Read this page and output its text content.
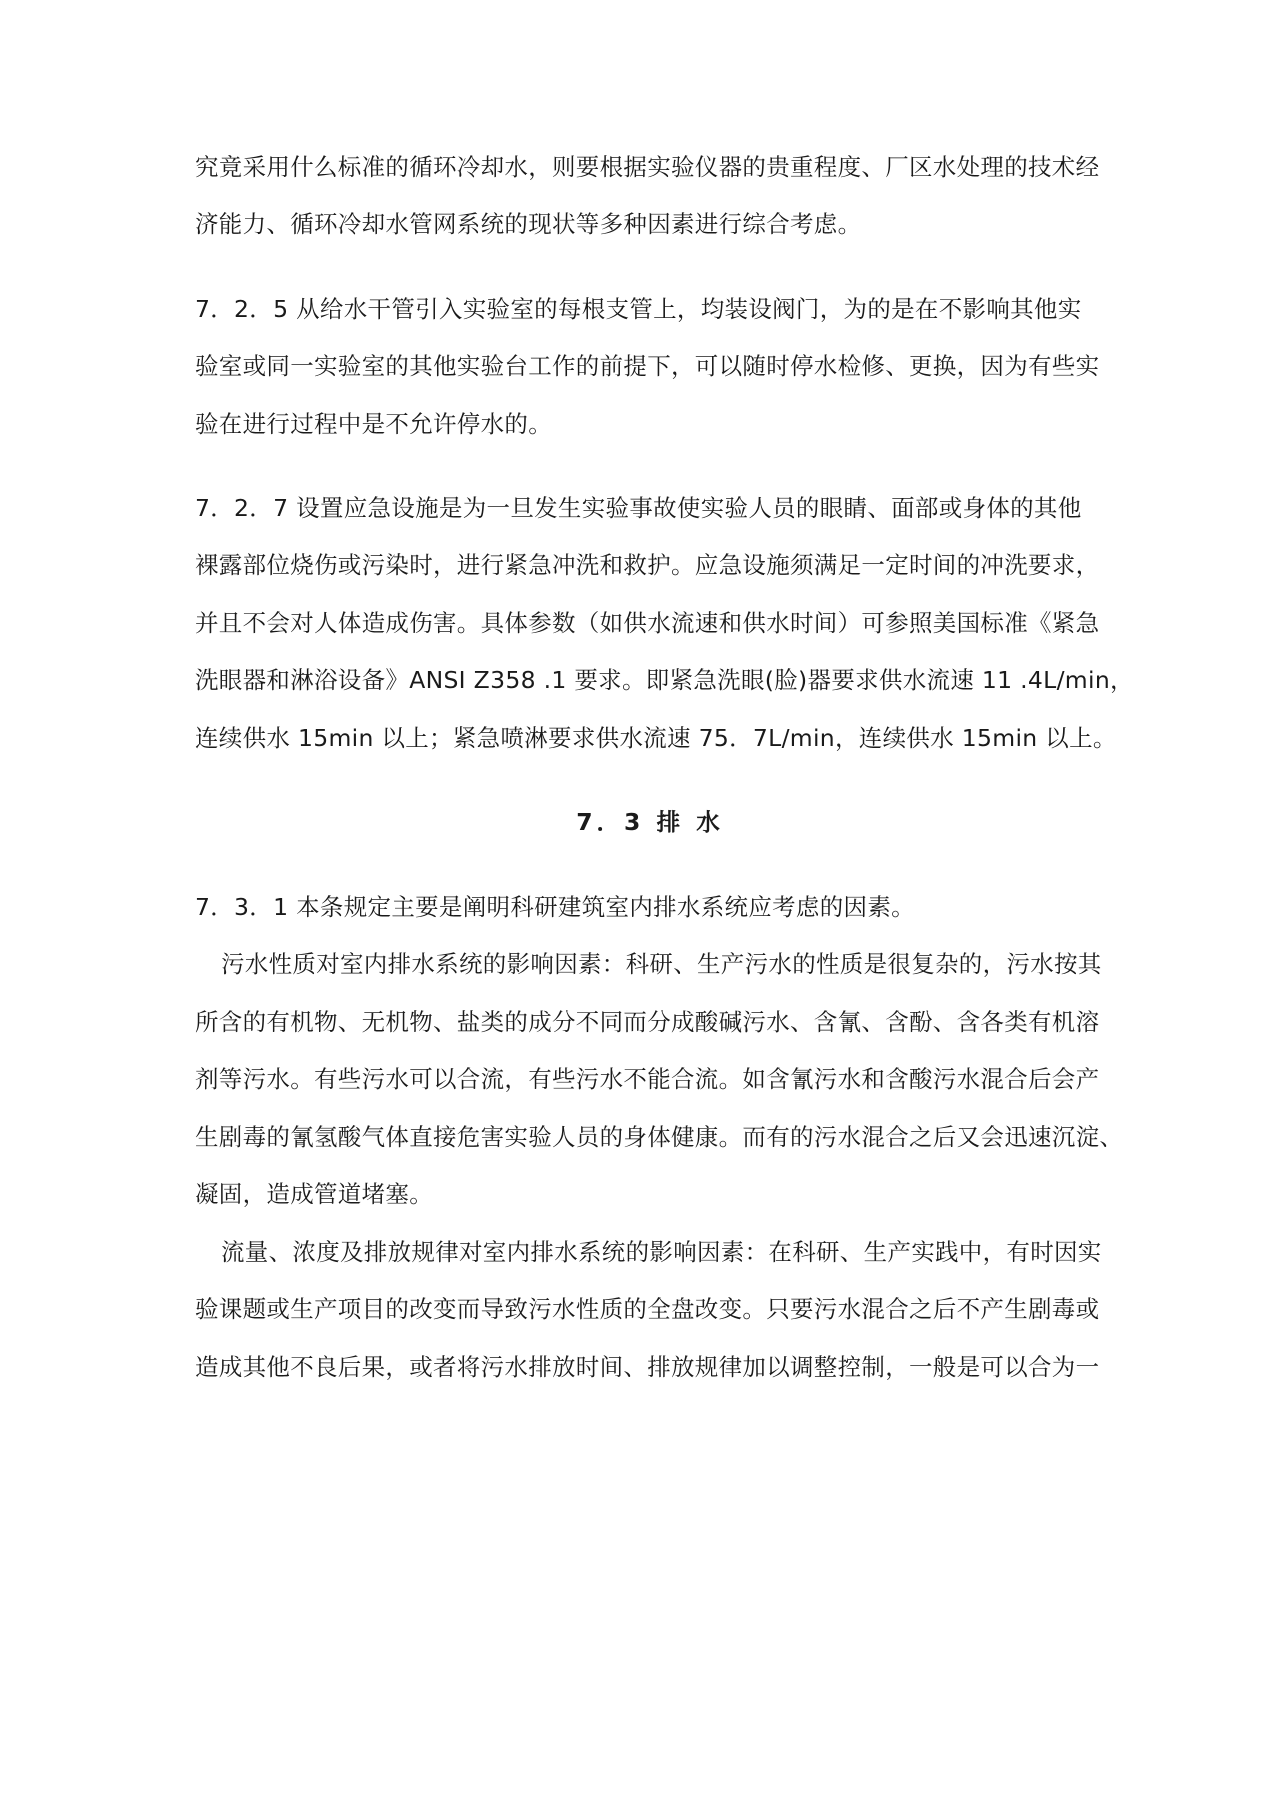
究竟采用什么标准的循环冷却水，则要根据实验仪器的贵重程度、厂区水处理的技术经
济能力、循环冷却水管网系统的现状等多种因素进行综合考虑。
7．2．5 从给水干管引入实验室的每根支管上，均装设阀门，为的是在不影响其他实
验室或同一实验室的其他实验台工作的前提下，可以随时停水检修、更换，因为有些实
验在进行过程中是不允许停水的。
7．2．7 设置应急设施是为一旦发生实验事故使实验人员的眼睛、面部或身体的其他
裸露部位烧伤或污染时，进行紧急冲洗和救护。应急设施须满足一定时间的冲洗要求，
并且不会对人体造成伤害。具体参数（如供水流速和供水时间）可参照美国标准《紧急
洗眼器和淋浴设备》ANSI Z358 .1 要求。即紧急洗眼(脸)器要求供水流速 11 .4L/min，
连续供水 15min 以上；紧急喷淋要求供水流速 75．7L/min，连续供水 15min 以上。
7．3 排 水
7．3．1 本条规定主要是阐明科研建筑室内排水系统应考虑的因素。
污水性质对室内排水系统的影响因素：科研、生产污水的性质是很复杂的，污水按其
所含的有机物、无机物、盐类的成分不同而分成酸碱污水、含氰、含酚、含各类有机溶
剂等污水。有些污水可以合流，有些污水不能合流。如含氰污水和含酸污水混合后会产
生剧毒的氰氢酸气体直接危害实验人员的身体健康。而有的污水混合之后又会迅速沉淀、
凝固，造成管道堵塞。
流量、浓度及排放规律对室内排水系统的影响因素：在科研、生产实践中，有时因实
验课题或生产项目的改变而导致污水性质的全盘改变。只要污水混合之后不产生剧毒或
造成其他不良后果，或者将污水排放时间、排放规律加以调整控制，一般是可以合为一
